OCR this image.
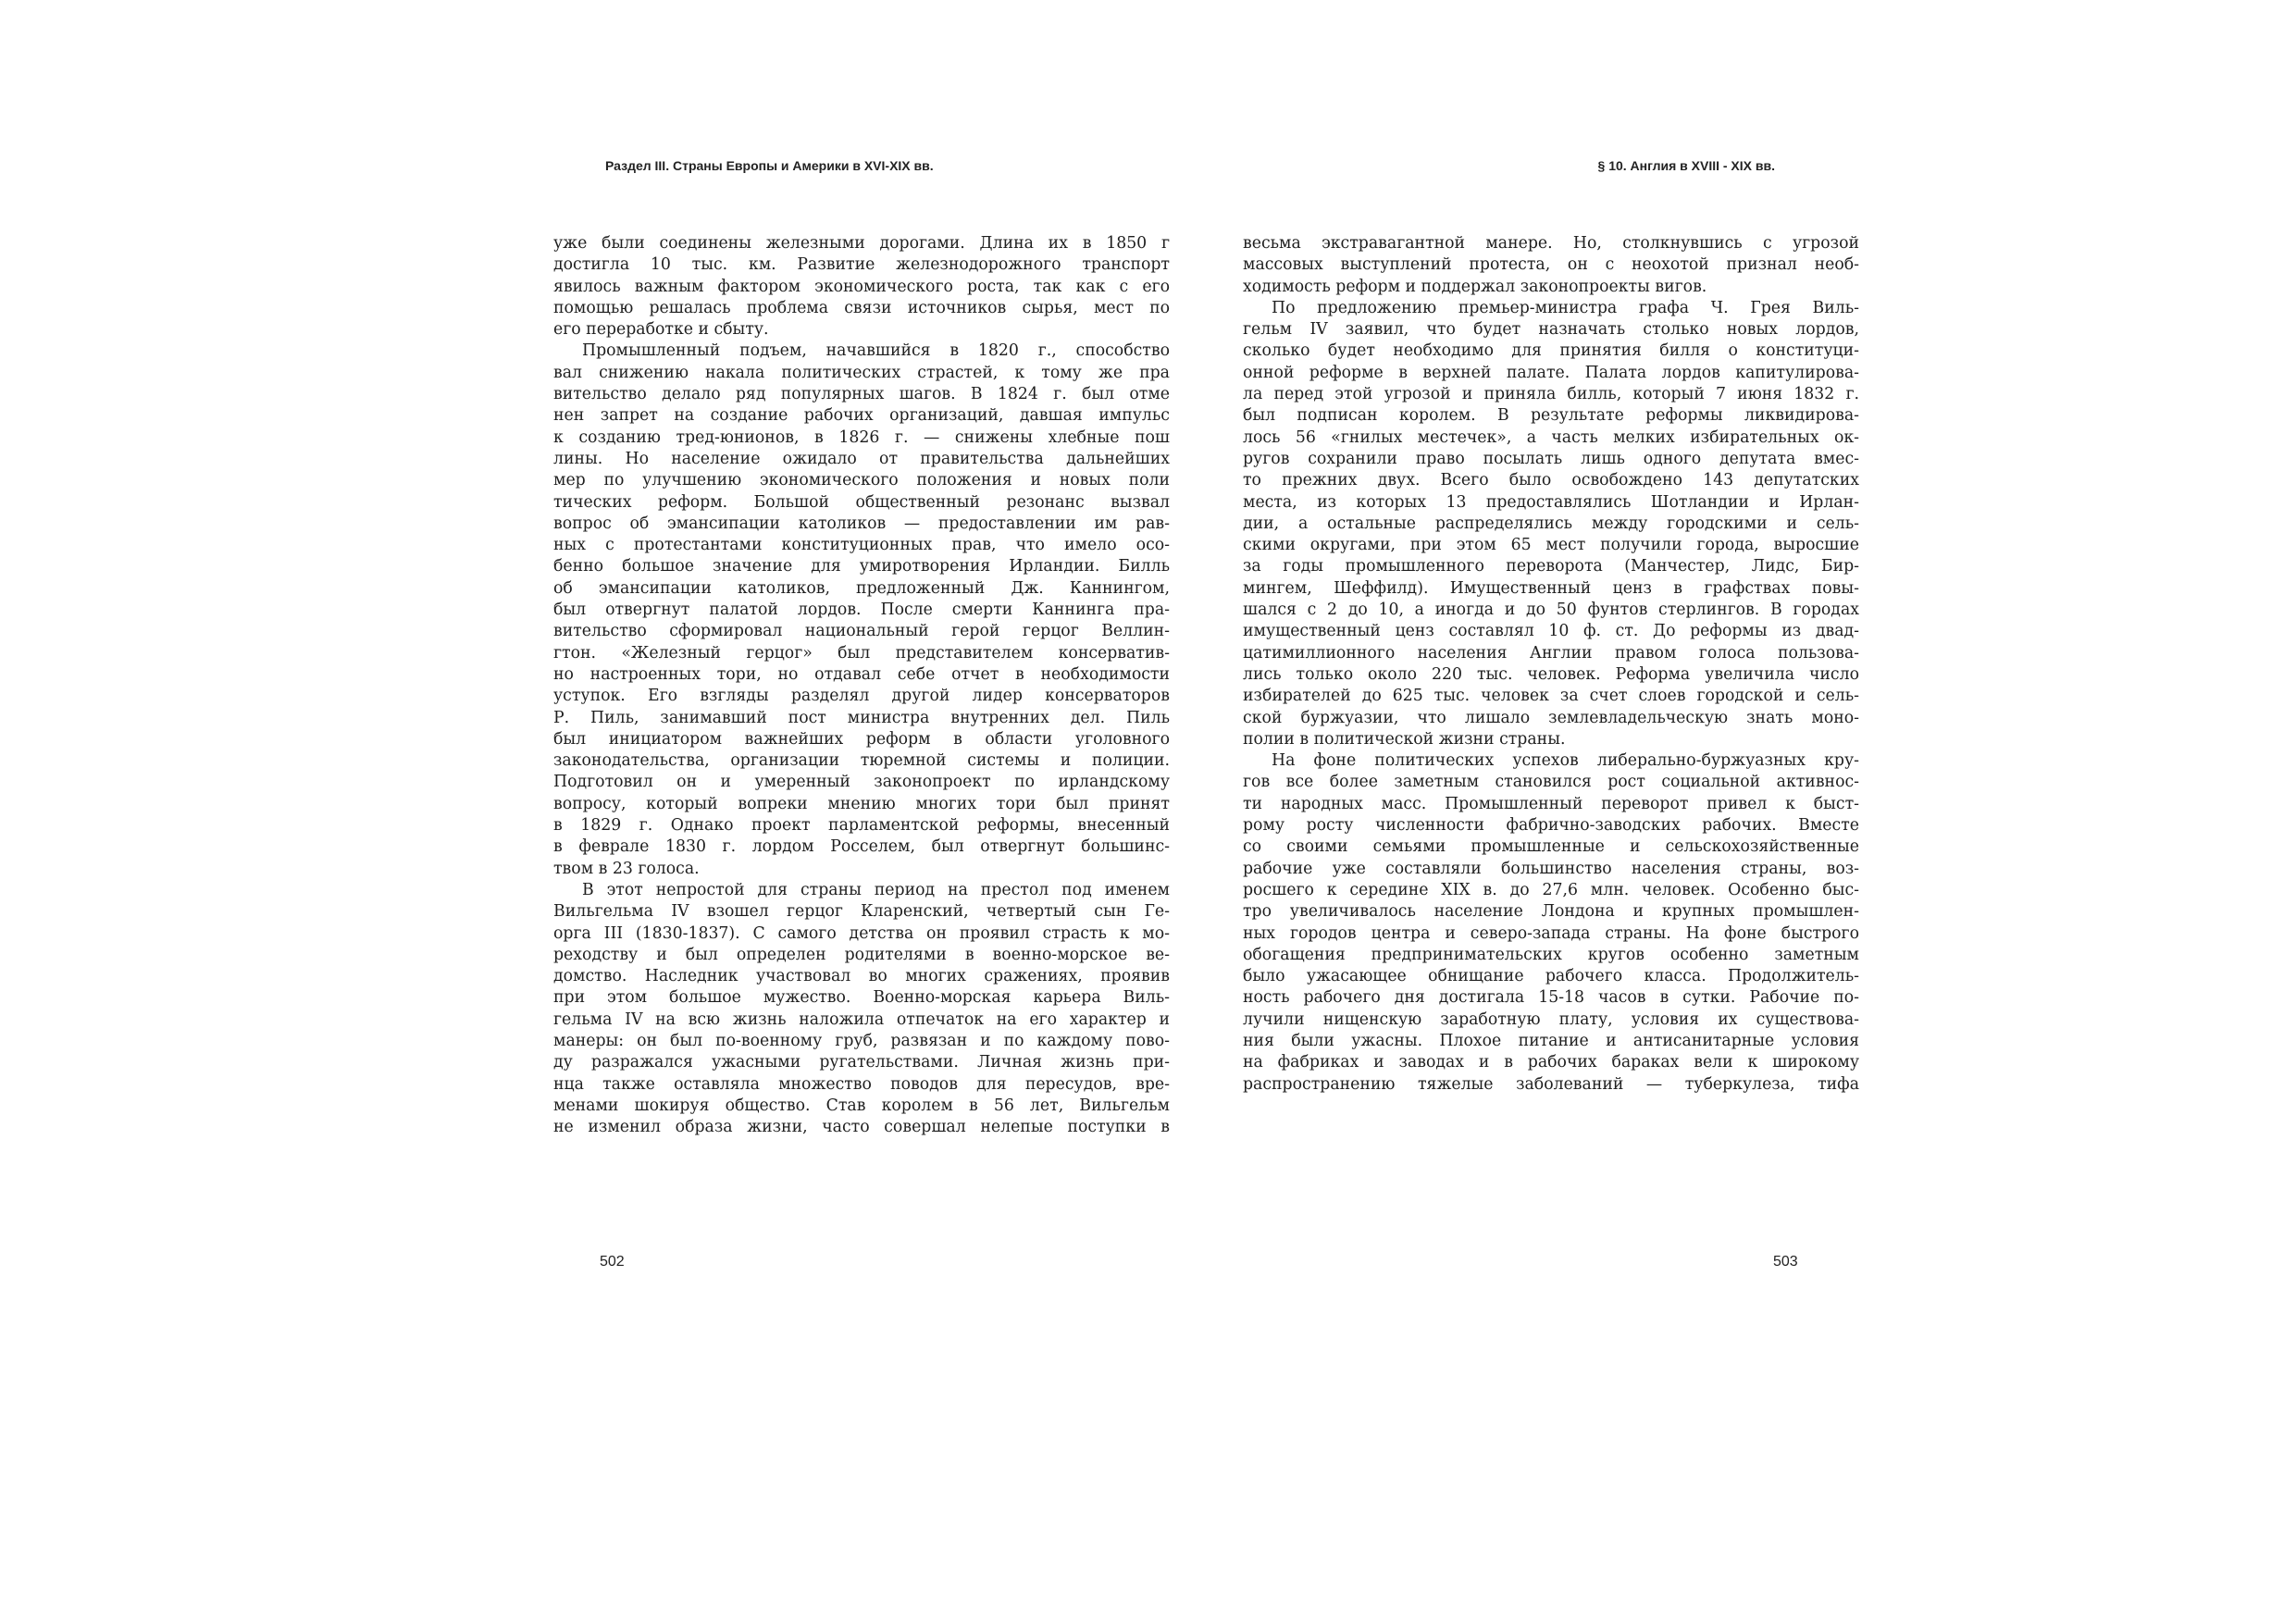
Раздел III. Страны Европы и Америки в XVI-XIX вв.	§ 10. Англия в XVIII - XIX вв.

уже были соединены железными дорогами. Длина их в 1850 г

достигла 10 тыс. км. Развитие железнодорожного транспорт

явилось важным фактором экономического роста, так как с его

помощью решалась проблема связи источников сырья, мест по

его переработке и сбыту.

Промышленный подъем, начавшийся в 1820 г., способство

вал снижению накала политических страстей, к тому же пра

вительство делало ряд популярных шагов. В 1824 г. был отме

нен запрет на создание рабочих организаций, давшая импульс

к созданию тред-юнионов, в 1826 г. — снижены хлебные пош

лины. Но население ожидало от правительства дальнейших

мер по улучшению экономического положения и новых поли

тических реформ. Большой общественный резонанс вызвал

вопрос об эмансипации католиков — предоставлении им рав-

ных с протестантами конституционных прав, что имело осо-

бенно большое значение для умиротворения Ирландии. Билль

об эмансипации католиков, предложенный Дж. Каннингом,

был отвергнут палатой лордов. После смерти Каннинга пра-

вительство сформировал национальный герой герцог Веллин-

гтон. «Железный герцог» был представителем консерватив-

но настроенных тори, но отдавал себе отчет в необходимости

уступок. Его взгляды разделял другой лидер консерваторов

Р. Пиль, занимавший пост министра внутренних дел. Пиль

был инициатором важнейших реформ в области уголовного

законодательства, организации тюремной системы и полиции.

Подготовил он и умеренный законопроект по ирландскому

вопросу, который вопреки мнению многих тори был принят

в 1829 г. Однако проект парламентской реформы, внесенный

в феврале 1830 г. лордом Росселем, был отвергнут большинс-

твом в 23 голоса.

В этот непростой для страны период на престол под именем

Вильгельма IV взошел герцог Кларенский, четвертый сын Ге-

орга III (1830-1837). С самого детства он проявил страсть к мо-

реходству и был определен родителями в военно-морское ве-

домство. Наследник участвовал во многих сражениях, проявив

при этом большое мужество. Военно-морская карьера Виль-

гельма IV на всю жизнь наложила отпечаток на его характер и

манеры: он был по-военному груб, развязан и по каждому пово-

ду разражался ужасными ругательствами. Личная жизнь при-

нца также оставляла множество поводов для пересудов, вре-

менами шокируя общество. Став королем в 56 лет, Вильгельм

не изменил образа жизни, часто совершал нелепые поступки в

весьма экстравагантной манере. Но, столкнувшись с угрозой

массовых выступлений протеста, он с неохотой признал необ-

ходимость реформ и поддержал законопроекты вигов.

По предложению премьер-министра графа Ч. Грея Виль-

гельм IV заявил, что будет назначать столько новых лордов,

сколько будет необходимо для принятия билля о конституци-

онной реформе в верхней палате. Палата лордов капитулирова-

ла перед этой угрозой и приняла билль, который 7 июня 1832 г.

был подписан королем. В результате реформы ликвидирова-

лось 56 «гнилых местечек», а часть мелких избирательных ок-

ругов сохранили право посылать лишь одного депутата вмес-

то прежних двух. Всего было освобождено 143 депутатских

места, из которых 13 предоставлялись Шотландии и Ирлан-

дии, а остальные распределялись между городскими и сель-

скими округами, при этом 65 мест получили города, выросшие

за годы промышленного переворота (Манчестер, Лидс, Бир-

мингем, Шеффилд). Имущественный ценз в графствах повы-

шался с 2 до 10, а иногда и до 50 фунтов стерлингов. В городах

имущественный ценз составлял 10 ф. ст. До реформы из двад-

цатимиллионного населения Англии правом голоса пользова-

лись только около 220 тыс. человек. Реформа увеличила число

избирателей до 625 тыс. человек за счет слоев городской и сель-

ской буржуазии, что лишало землевладельческую знать моно-

полии в политической жизни страны.

На фоне политических успехов либерально-буржуазных кру-

гов все более заметным становился рост социальной активнос-

ти народных масс. Промышленный переворот привел к быст-

рому росту численности фабрично-заводских рабочих. Вместе

со своими семьями промышленные и сельскохозяйственные

рабочие уже составляли большинство населения страны, воз-

росшего к середине XIX в. до 27,6 млн. человек. Особенно быс-

тро увеличивалось население Лондона и крупных промышлен-

ных городов центра и северо-запада страны. На фоне быстрого

обогащения предпринимательских кругов особенно заметным

было ужасающее обнищание рабочего класса. Продолжитель-

ность рабочего дня достигала 15-18 часов в сутки. Рабочие по-

лучили нищенскую заработную плату, условия их существова-

ния были ужасны. Плохое питание и антисанитарные условия

на фабриках и заводах и в рабочих бараках вели к широкому

распространению тяжелые заболеваний — туберкулеза, тифа

502	503
